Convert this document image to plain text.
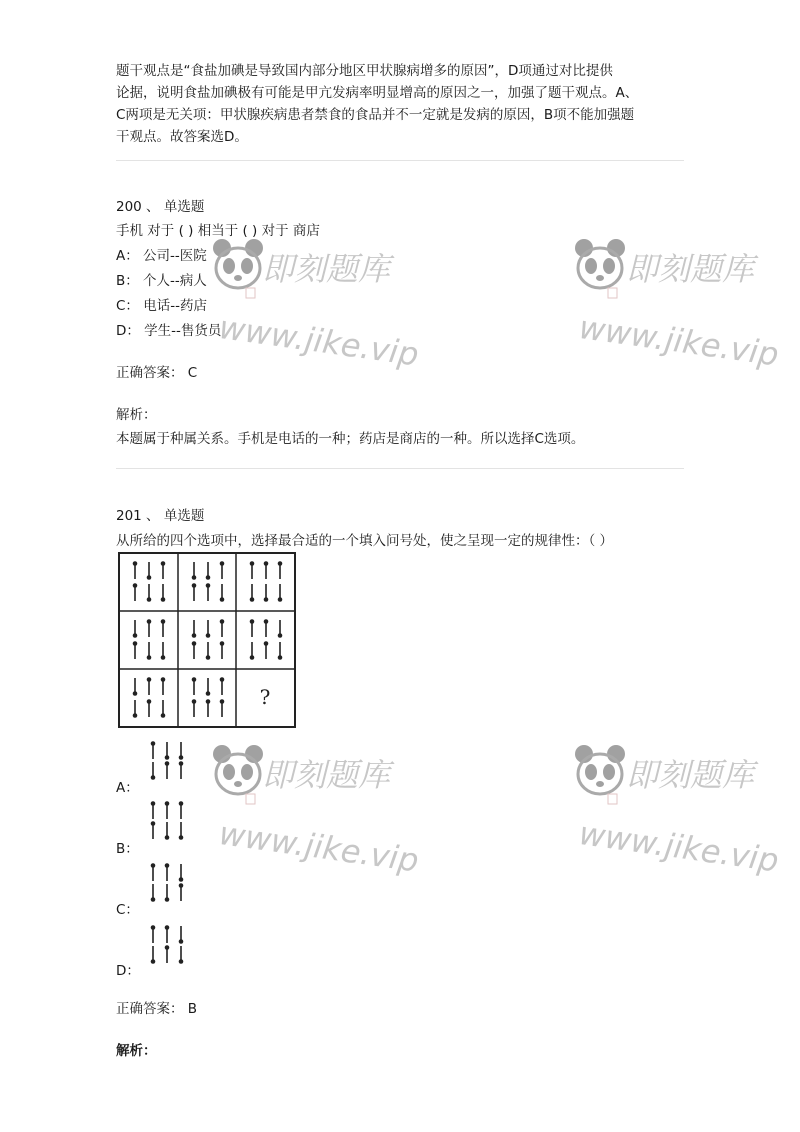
题干观点是“食盐加碘是导致国内部分地区甲状腺病增多的原因”，D项通过对比提供
论据，说明食盐加碘极有可能是甲亢发病率明显增高的原因之一，加强了题干观点。A、
C两项是无关项：甲状腺疾病患者禁食的食品并不一定就是发病的原因，B项不能加强题
干观点。故答案选D。
200 、 单选题
手机 对于 ( ) 相当于 ( ) 对于 商店
A： 公司--医院
B： 个人--病人
C： 电话--药店
D： 学生--售货员
正确答案： C
解析：
本题属于种属关系。手机是电话的一种；药店是商店的一种。所以选择C选项。
201 、 单选题
从所给的四个选项中，选择最合适的一个填入问号处，使之呈现一定的规律性：（ ）
?
A：
B：
C：
D：
正确答案： B
解析：
即刻题库
www.jike.vip
即刻题库
www.jike.vip
即刻题库
www.jike.vip
即刻题库
www.jike.vip
